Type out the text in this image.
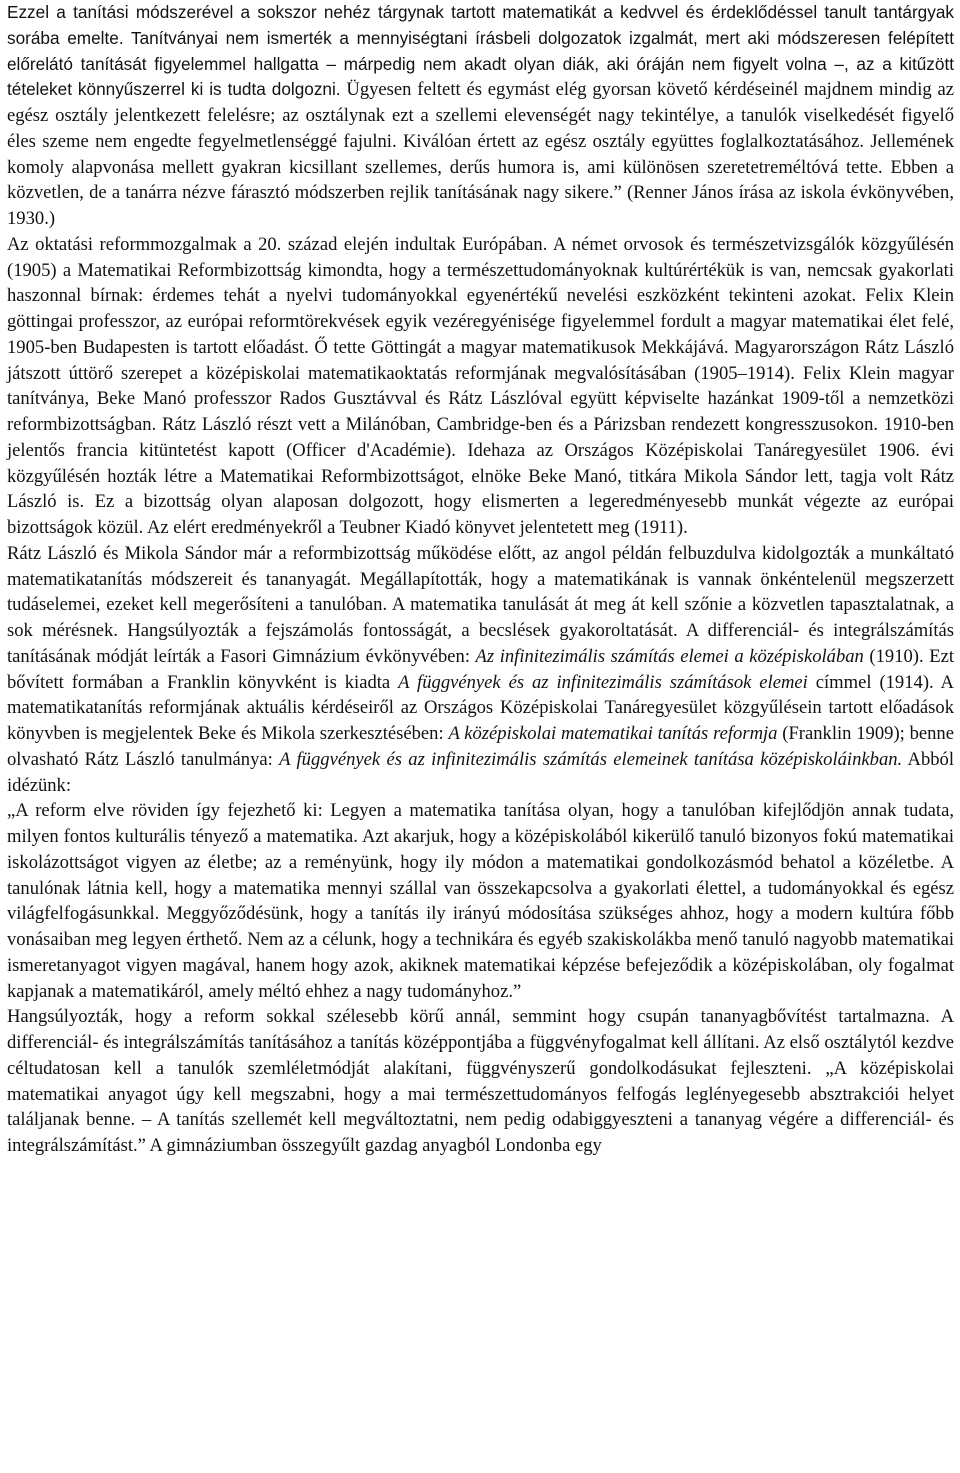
Ezzel a tanítási módszerével a sokszor nehéz tárgynak tartott matematikát a kedvvel és érdeklődéssel tanult tantárgyak sorába emelte. Tanítványai nem ismerték a mennyiségtani írásbeli dolgozatok izgalmát, mert aki módszeresen felépített előrelátó tanítását figyelemmel hallgatta – márpedig nem akadt olyan diák, aki óráján nem figyelt volna –, az a kitűzött tételeket könnyűszerrel ki is tudta dolgozni. Ügyesen feltett és egymást elég gyorsan követő kérdéseinél majdnem mindig az egész osztály jelentkezett felelésre; az osztálynak ezt a szellemi elevenségét nagy tekintélye, a tanulók viselkedését figyelő éles szeme nem engedte fegyelmetlenséggé fajulni. Kiválóan értett az egész osztály együttes foglalkoztatásához. Jellemének komoly alapvonása mellett gyakran kicsillant szellemes, derűs humora is, ami különösen szeretetreméltóvá tette. Ebben a közvetlen, de a tanárra nézve fárasztó módszerben rejlik tanításának nagy sikere.” (Renner János írása az iskola évkönyvében, 1930.)

Az oktatási reformmozgalmak a 20. század elején indultak Európában. A német orvosok és természetvizsgálók közgyűlésén (1905) a Matematikai Reformbizottság kimondta, hogy a természettudományoknak kultúrértékük is van, nemcsak gyakorlati haszonnal bírnak: érdemes tehát a nyelvi tudományokkal egyenértékű nevelési eszközként tekinteni azokat. Felix Klein göttingai professzor, az európai reformtörekvések egyik vezéregyénisége figyelemmel fordult a magyar matematikai élet felé, 1905-ben Budapesten is tartott előadást. Ő tette Göttingát a magyar matematikusok Mekkájává. Magyarországon Rátz László játszott úttörő szerepet a középiskolai matematikaoktatás reformjának megvalósításában (1905–1914). Felix Klein magyar tanítványa, Beke Manó professzor Rados Gusztávval és Rátz Lászlóval együtt képviselte hazánkat 1909-től a nemzetközi reformbizottságban. Rátz László részt vett a Milánóban, Cambridge-ben és a Párizsban rendezett kongresszusokon. 1910-ben jelentős francia kitüntetést kapott (Officer d'Académie). Idehaza az Országos Középiskolai Tanáregyesület 1906. évi közgyűlésén hozták létre a Matematikai Reformbizottságot, elnöke Beke Manó, titkára Mikola Sándor lett, tagja volt Rátz László is. Ez a bizottság olyan alaposan dolgozott, hogy elismerten a legeredményesebb munkát végezte az európai bizottságok közül. Az elért eredményekről a Teubner Kiadó könyvet jelentetett meg (1911).

Rátz László és Mikola Sándor már a reformbizottság működése előtt, az angol példán felbuzdulva kidolgozták a munkáltató matematikatanítás módszereit és tananyagát. Megállapították, hogy a matematikának is vannak önkéntelenül megszerzett tudáselemei, ezeket kell megerősíteni a tanulóban. A matematika tanulását át meg át kell szőnie a közvetlen tapasztalatnak, a sok mérésnek. Hangsúlyozták a fejszámolás fontosságát, a becslések gyakoroltatását. A differenciál- és integrálszámítás tanításának módját leírták a Fasori Gimnázium évkönyvében: Az infinitezimális számítás elemei a középiskolában (1910). Ezt bővített formában a Franklin könyvként is kiadta A függvények és az infinitezimális számítások elemei címmel (1914). A matematikatanítás reformjának aktuális kérdéseiről az Országos Középiskolai Tanáregyesület közgyűlésein tartott előadások könyvben is megjelentek Beke és Mikola szerkesztésében: A középiskolai matematikai tanítás reformja (Franklin 1909); benne olvasható Rátz László tanulmánya: A függvények és az infinitezimális számítás elemeinek tanítása középiskoláinkban. Abból idézünk:

„A reform elve röviden így fejezhető ki: Legyen a matematika tanítása olyan, hogy a tanulóban kifejlődjön annak tudata, milyen fontos kulturális tényező a matematika. Azt akarjuk, hogy a középiskolából kikerülő tanuló bizonyos fokú matematikai iskolázottságot vigyen az életbe; az a reményünk, hogy ily módon a matematikai gondolkozásmód behatol a közéletbe. A tanulónak látnia kell, hogy a matematika mennyi szállal van összekapcsolva a gyakorlati élettel, a tudományokkal és egész világfelfogásunkkal. Meggyőződésünk, hogy a tanítás ily irányú módosítása szükséges ahhoz, hogy a modern kultúra főbb vonásaiban meg legyen érthető. Nem az a célunk, hogy a technikára és egyéb szakiskolákba menő tanuló nagyobb matematikai ismeretanyagot vigyen magával, hanem hogy azok, akiknek matematikai képzése befejeződik a középiskolában, oly fogalmat kapjanak a matematikáról, amely méltó ehhez a nagy tudományhoz.”

Hangsúlyozták, hogy a reform sokkal szélesebb körű annál, semmint hogy csupán tananyagbővítést tartalmazna. A differenciál- és integrálszámítás tanításához a tanítás középpontjába a függvényfogalmat kell állítani. Az első osztálytól kezdve céltudatosan kell a tanulók szemléletmódját alakítani, függvényszerű gondolkodásukat fejleszteni. „A középiskolai matematikai anyagot úgy kell megszabni, hogy a mai természettudományos felfogás leglényegesebb absztrakciói helyet találjanak benne. – A tanítás szellemét kell megváltoztatni, nem pedig odabiggyeszteni a tananyag végére a differenciál- és integrálszámítást.” A gimnáziumban összegyűlt gazdag anyagból Londonba egy
